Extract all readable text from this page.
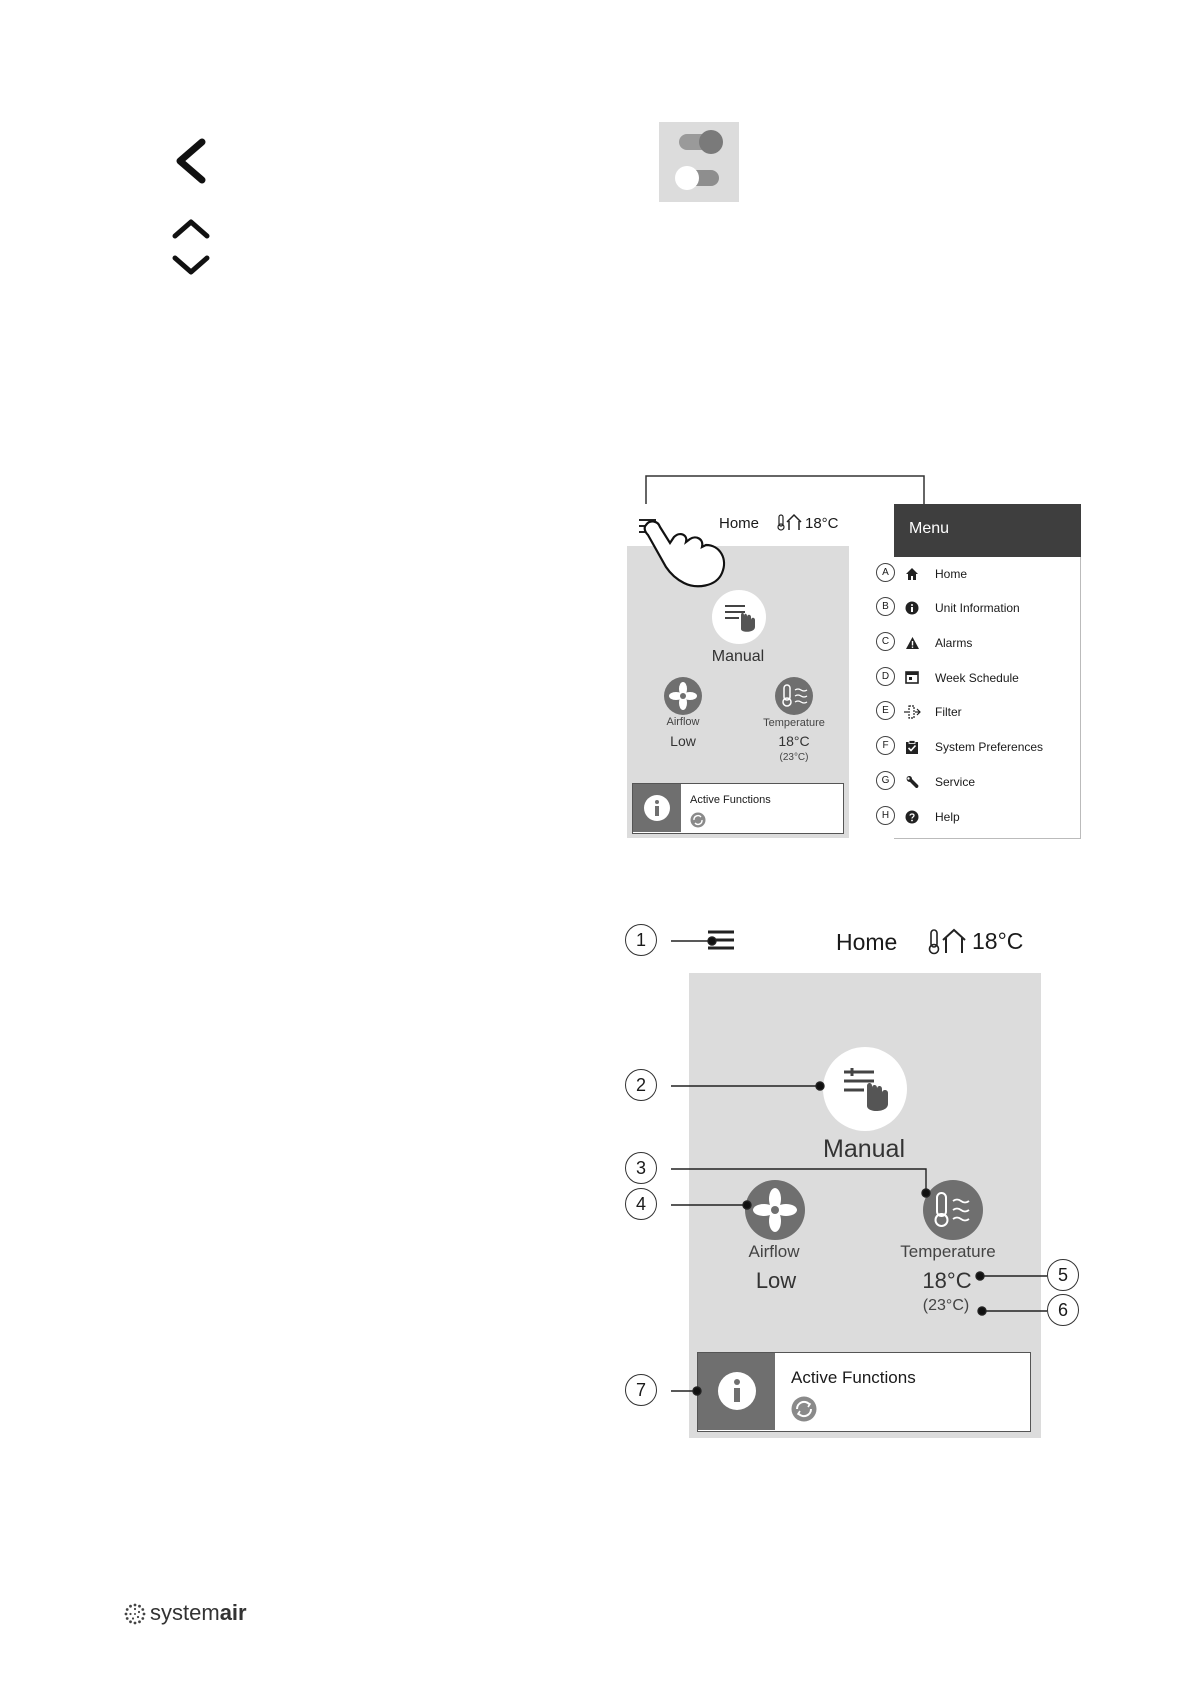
Home	18°C
Manual
Airflow
Low
Temperature
18°C
(23°C)
Active Functions
Menu
A	Home
B	Unit Information
C	Alarms
D	Week Schedule
E	Filter
F	System Preferences
G	Service
H	Help
Home	18°C
Manual
Airflow
Low
Temperature
18°C
(23°C)
Active Functions
1
2
3
4
5
6
7
systemair
